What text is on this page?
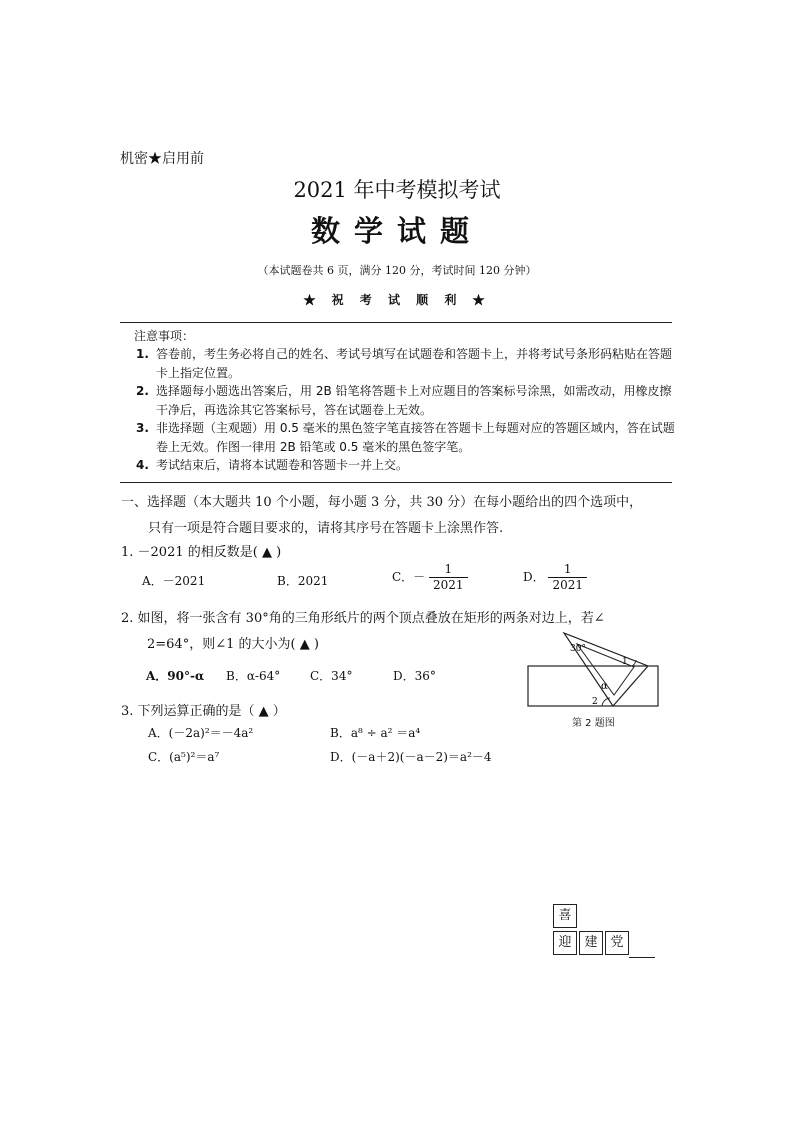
机密★启用前
2021 年中考模拟考试
数学试题
（本试题卷共 6 页，满分 120 分，考试时间 120 分钟）
★ 祝 考 试 顺 利 ★
注意事项：
1. 答卷前，考生务必将自己的姓名、考试号填写在试题卷和答题卡上，并将考试号条形码粘贴在答题卡上指定位置。
2. 选择题每小题选出答案后，用 2B 铅笔将答题卡上对应题目的答案标号涂黑，如需改动，用橡皮擦干净后，再选涂其它答案标号，答在试题卷上无效。
3. 非选择题（主观题）用 0.5 毫米的黑色签字笔直接答在答题卡上每题对应的答题区域内，答在试题卷上无效。作图一律用 2B 铅笔或 0.5 毫米的黑色签字笔。
4. 考试结束后，请将本试题卷和答题卡一并上交。
一、选择题（本大题共 10 个小题，每小题 3 分，共 30 分）在每小题给出的四个选项中，
只有一项是符合题目要求的，请将其序号在答题卡上涂黑作答.
1. －2021 的相反数是( ▲ )
A．－2021	B．2021	C．－ $\frac{1}{2021}$	D． $\frac{1}{2021}$
2. 如图，将一张含有 30°角的三角形纸片的两个顶点叠放在矩形的两条对边上，若∠
2=64°，则∠1 的大小为( ▲ )
A．90°-α B．α-64° C．34°	D．36°
30°
1
2
α
第 2 题图
3. 下列运算正确的是（ ▲ ）
A．(－2a)²＝－4a²	B．a⁸ ÷ a² ＝a⁴
C．(a⁵)²＝a⁷	D．(－a＋2)(－a－2)＝a²－4
喜
迎 建 党
